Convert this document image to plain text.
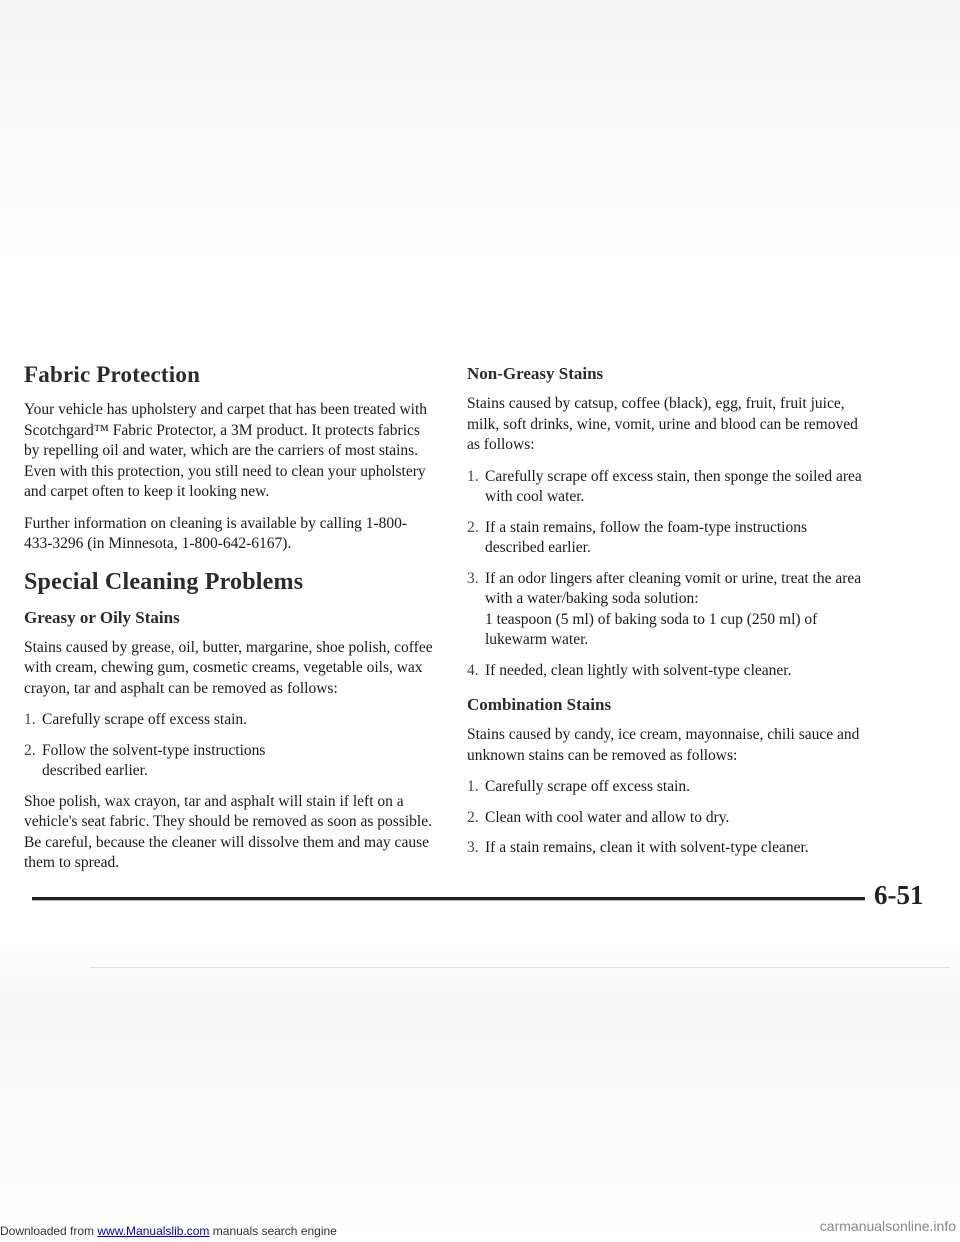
Fabric Protection

Your vehicle has upholstery and carpet that has been treated with Scotchgard™ Fabric Protector, a 3M product. It protects fabrics by repelling oil and water, which are the carriers of most stains. Even with this protection, you still need to clean your upholstery and carpet often to keep it looking new.

Further information on cleaning is available by calling 1-800-433-3296 (in Minnesota, 1-800-642-6167).

Special Cleaning Problems
Greasy or Oily Stains

Stains caused by grease, oil, butter, margarine, shoe polish, coffee with cream, chewing gum, cosmetic creams, vegetable oils, wax crayon, tar and asphalt can be removed as follows:

1. Carefully scrape off excess stain.
2. Follow the solvent-type instructions
described earlier.

Shoe polish, wax crayon, tar and asphalt will stain if left on a vehicle's seat fabric. They should be removed as soon as possible. Be careful, because the cleaner will dissolve them and may cause them to spread.

Non-Greasy Stains

Stains caused by catsup, coffee (black), egg, fruit, fruit juice, milk, soft drinks, wine, vomit, urine and blood can be removed as follows:

1. Carefully scrape off excess stain, then sponge the soiled area with cool water.
2. If a stain remains, follow the foam-type instructions described earlier.
3. If an odor lingers after cleaning vomit or urine, treat the area with a water/baking soda solution:
1 teaspoon (5 ml) of baking soda to 1 cup (250 ml) of lukewarm water.
4. If needed, clean lightly with solvent-type cleaner.
Combination Stains

Stains caused by candy, ice cream, mayonnaise, chili sauce and unknown stains can be removed as follows:

1. Carefully scrape off excess stain.
2. Clean with cool water and allow to dry.
3. If a stain remains, clean it with solvent-type cleaner.
6-51
Downloaded from www.Manualslib.com manuals search engine	carmanualsonline.info
